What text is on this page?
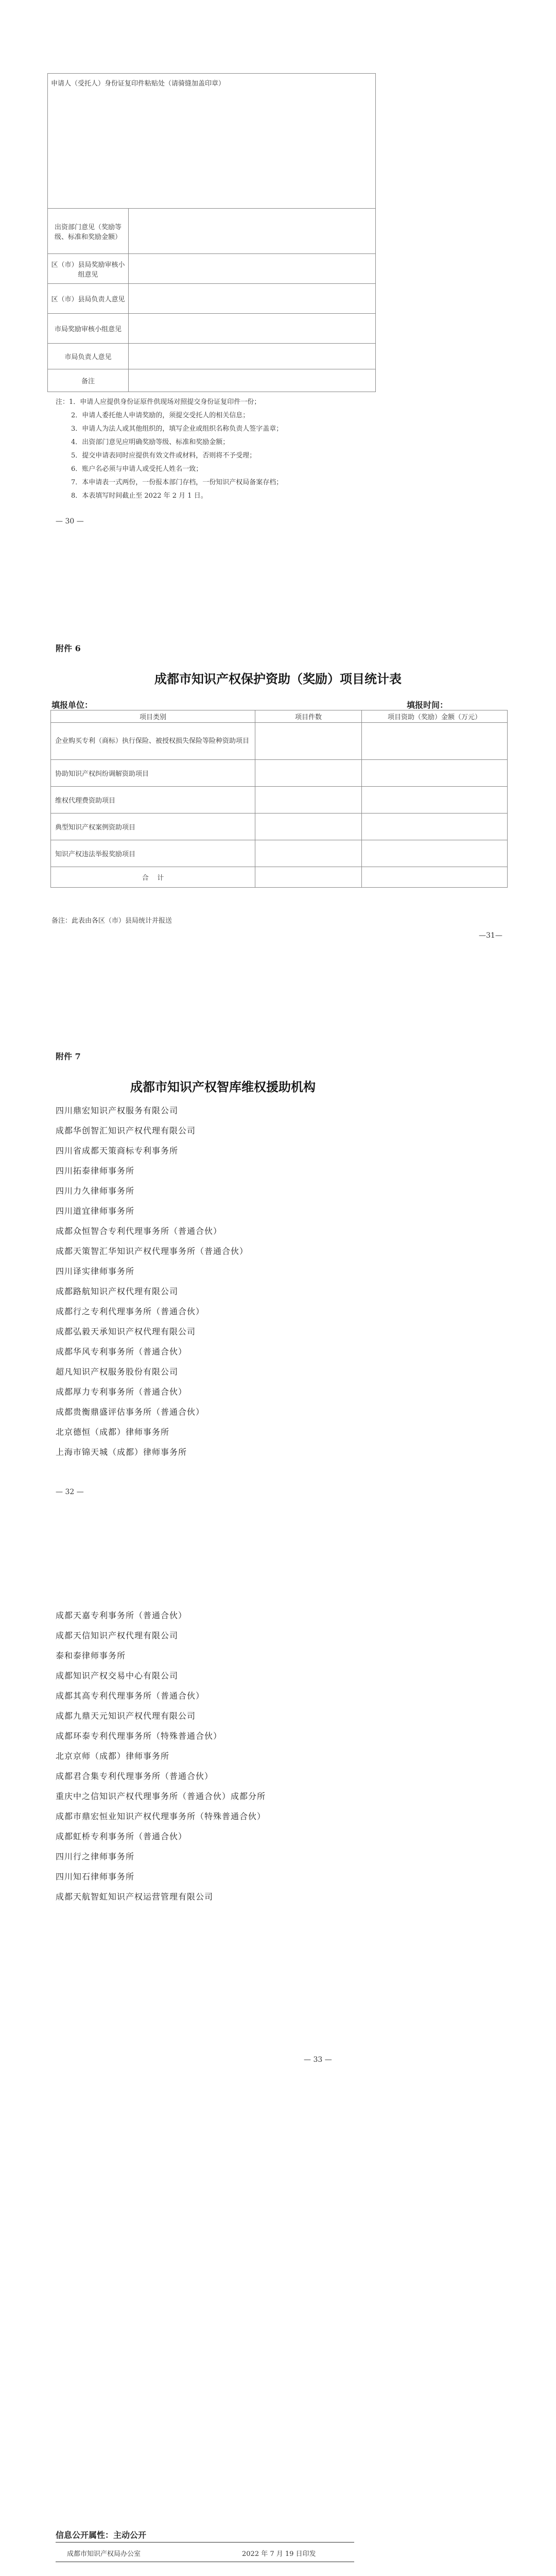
申请人（受托人）身份证复印件粘贴处（请骑缝加盖印章）	
出资部门意见（奖励等级、标准和奖励金额）	
区（市）县局奖励审核小组意见	
区（市）县局负责人意见	
市局奖励审核小组意见	
市局负责人意见	
备注	
注：1．申请人应提供身份证原件供现场对照提交身份证复印件一份；
2．申请人委托他人申请奖励的，须提交受托人的相关信息；
3．申请人为法人或其他组织的，填写企业或组织名称负责人签字盖章；
4．出资部门意见应明确奖励等级、标准和奖励金额；
5．提交申请表同时应提供有效文件或材料，否则将不予受理；
6．账户名必须与申请人或受托人姓名一致；
7．本申请表一式两份，一份报本部门存档，一份知识产权局备案存档；
8．本表填写时间截止至 2022 年 2 月 1 日。
— 30 —
附件 6
成都市知识产权保护资助（奖励）项目统计表
填报单位：	填报时间：
项目类别	项目件数	项目资助（奖励）金额（万元）
企业购买专利（商标）执行保险、被授权损失保险等险种资助项目		
协助知识产权纠纷调解资助项目		
维权代理费资助项目		
典型知识产权案例资助项目		
知识产权违法举报奖励项目		
合    计		
备注：此表由各区（市）县局统计并报送
—31—
附件 7
成都市知识产权智库维权援助机构
四川鼎宏知识产权服务有限公司
成都华创智汇知识产权代理有限公司
四川省成都天策商标专利事务所
四川拓泰律师事务所
四川力久律师事务所
四川道宜律师事务所
成都众恒智合专利代理事务所（普通合伙）
成都天策智汇华知识产权代理事务所（普通合伙）
四川译实律师事务所
成都路航知识产权代理有限公司
成都行之专利代理事务所（普通合伙）
成都弘毅天承知识产权代理有限公司
成都华风专利事务所（普通合伙）
超凡知识产权服务股份有限公司
成都厚力专利事务所（普通合伙）
成都贵衡鼎盛评估事务所（普通合伙）
北京德恒（成都）律师事务所
上海市锦天城（成都）律师事务所
— 32 —
成都天嘉专利事务所（普通合伙）
成都天信知识产权代理有限公司
泰和泰律师事务所
成都知识产权交易中心有限公司
成都其高专利代理事务所（普通合伙）
成都九鼎天元知识产权代理有限公司
成都环泰专利代理事务所（特殊普通合伙）
北京京师（成都）律师事务所
成都君合集专利代理事务所（普通合伙）
重庆中之信知识产权代理事务所（普通合伙）成都分所
成都市鼎宏恒业知识产权代理事务所（特殊普通合伙）
成都虹桥专利事务所（普通合伙）
四川行之律师事务所
四川知石律师事务所
成都天航智虹知识产权运营管理有限公司
— 33 —
信息公开属性：主动公开
成都市知识产权局办公室	2022 年 7 月 19 日印发
